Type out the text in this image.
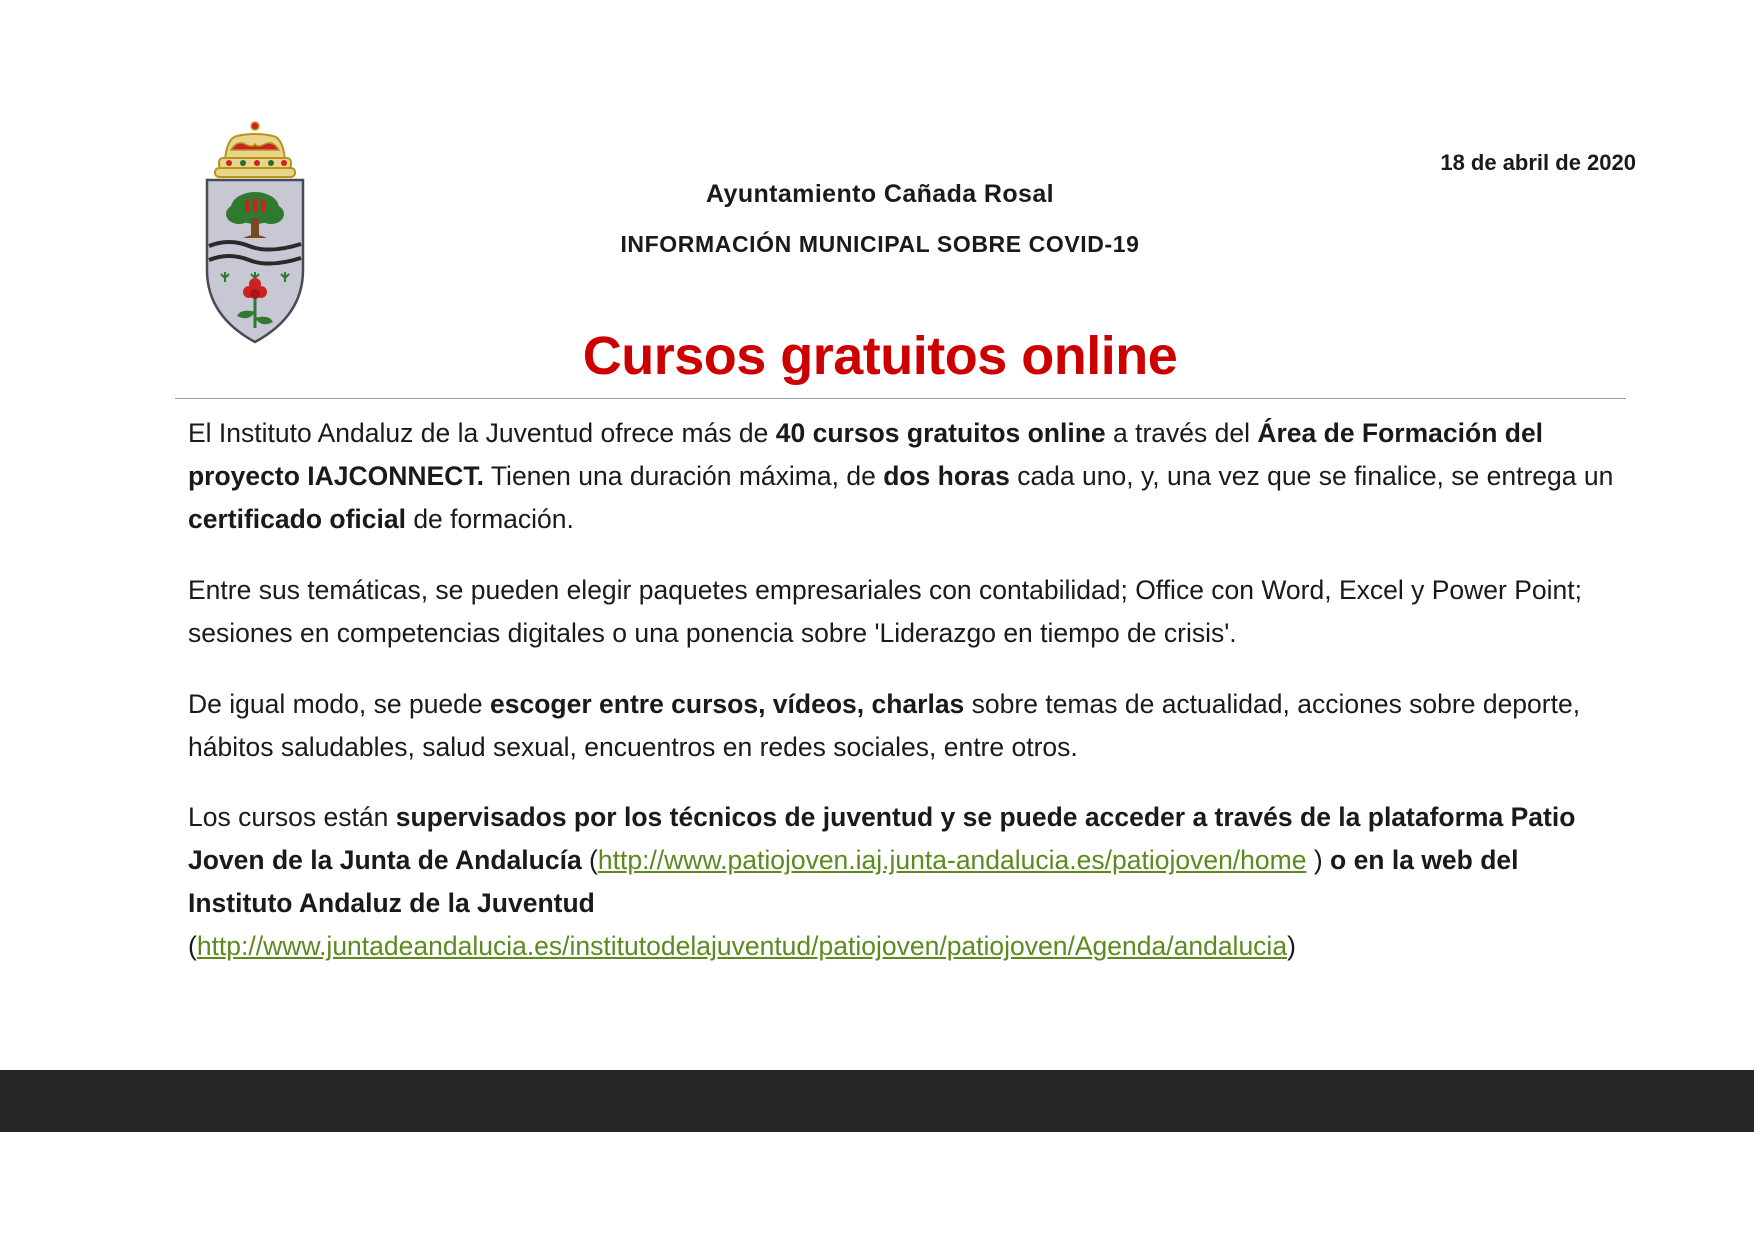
Ayuntamiento Cañada Rosal
INFORMACIÓN MUNICIPAL SOBRE COVID-19
18 de abril de 2020
Cursos gratuitos online

El Instituto Andaluz de la Juventud ofrece más de 40 cursos gratuitos online a través del Área de Formación del proyecto IAJCONNECT. Tienen una duración máxima, de dos horas cada uno, y, una vez que se finalice, se entrega un certificado oficial de formación.

Entre sus temáticas, se pueden elegir paquetes empresariales con contabilidad; Office con Word, Excel y Power Point; sesiones en competencias digitales o una ponencia sobre 'Liderazgo en tiempo de crisis'.

De igual modo, se puede escoger entre cursos, vídeos, charlas sobre temas de actualidad, acciones sobre deporte, hábitos saludables, salud sexual, encuentros en redes sociales, entre otros.

Los cursos están supervisados por los técnicos de juventud y se puede acceder a través de la plataforma Patio Joven de la Junta de Andalucía (http://www.patiojoven.iaj.junta-andalucia.es/patiojoven/home ) o en la web del Instituto Andaluz de la Juventud (http://www.juntadeandalucia.es/institutodelajuventud/patiojoven/patiojoven/Agenda/andalucia)
